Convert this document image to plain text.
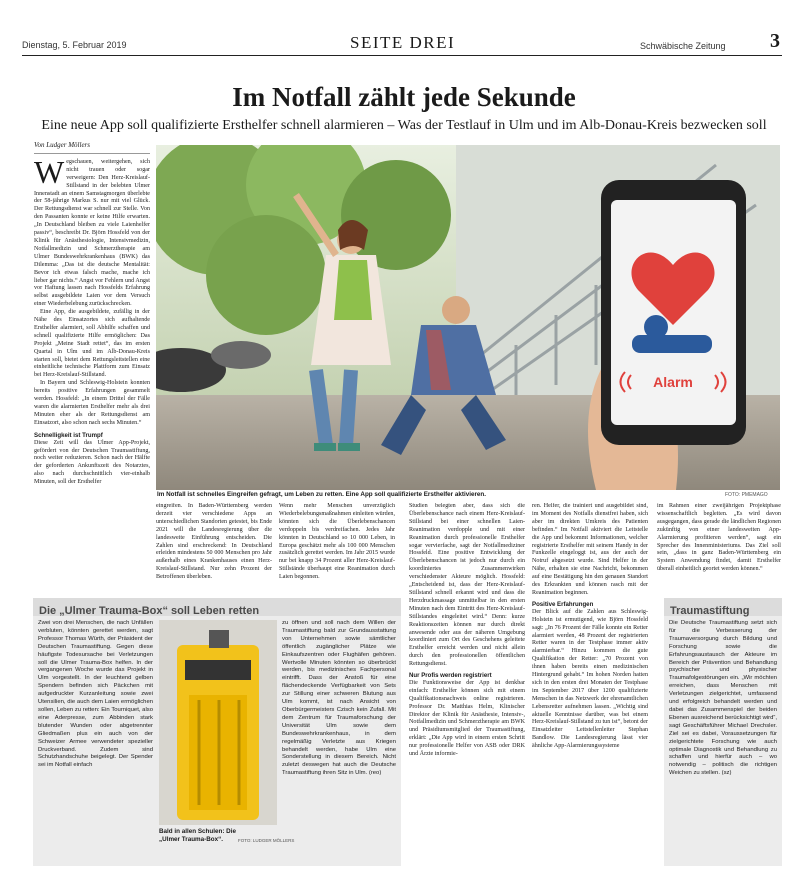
Dienstag, 5. Februar 2019	SEITE DREI	Schwäbische Zeitung 3
Im Notfall zählt jede Sekunde
Eine neue App soll qualifizierte Ersthelfer schnell alarmieren – Was der Testlauf in Ulm und im Alb-Donau-Kreis bezwecken soll

Von Ludger Möllers

Wegschauen, weitergehen, sich nicht trauen oder sogar verweigern: Den Herz-Kreislauf-Stillstand in der belebten Ulmer Innenstadt an einem Samstagmorgen überlebte der 58-jährige Markus S. nur mit viel Glück. Der Rettungsdienst war schnell zur Stelle. Von den Passanten konnte er keine Hilfe erwarten. „In Deutschland bleiben zu viele Laienhelfer passiv“, beschreibt Dr. Björn Hossfeld von der Klinik für Anästhesiologie, Intensivmedizin, Notfallmedizin und Schmerztherapie am Ulmer Bundeswehrkrankenhaus (BWK) das Dilemma: „Das ist die deutsche Mentalität: Bevor ich etwas falsch mache, mache ich lieber gar nichts.“ Angst vor Fehlern und Angst vor Haftung lassen nach Hossfelds Erfahrung selbst ausgebildete Laien vor dem Versuch einer Wiederbelebung zurückschrecken.

Eine App, die ausgebildete, zufällig in der Nähe des Einsatzortes sich aufhaltende Ersthelfer alarmiert, soll Abhilfe schaffen und schnell qualifizierte Hilfe ermöglichen: Das Projekt „Meine Stadt rettet“, das im ersten Quartal in Ulm und im Alb-Donau-Kreis starten soll, bietet dem Rettungsleitstellen eine einheitliche technische Plattform zum Einsatz bei Herz-Kreislauf-Stillstand.

In Bayern und Schleswig-Holstein konnten bereits positive Erfahrungen gesammelt werden. Hossfeld: „In einem Drittel der Fälle waren die alarmierten Ersthelfer mehr als drei Minuten eher als der Rettungsdienst am Einsatzort, also schon nach sechs Minuten.“

Schnelligkeit ist Trumpf

Diese Zeit will das Ulmer App-Projekt, gefördert von der Deutschen Traumastiftung, noch weiter reduzieren. Schon nach der Hälfte der geforderten Ankunftszeit des Notarztes, also nach durchschnittlich vier-einhalb Minuten, soll der Ersthelfer

Alarm
Im Notfall ist schnelles Eingreifen gefragt, um Leben zu retten. Eine App soll qualifizierte Ersthelfer aktivieren.	FOTO: PMEMAGO
eingreifen. In Baden-Württemberg werden derzeit vier verschiedene Apps an unterschiedlichen Standorten getestet, bis Ende 2021 will die Landesregierung über die landesweite Einführung entscheiden. Die Zahlen sind erschreckend: In Deutschland erleiden mindestens 50 000 Menschen pro Jahr außerhalb eines Krankenhauses einen Herz-Kreislauf-Stillstand. Nur zehn Prozent der Betroffenen überleben.
Wenn mehr Menschen unverzüglich Wiederbelebungsmaßnahmen einleiten würden, könnten sich die Überlebenschancen verdoppeln bis verdreifachen. Jedes Jahr könnten in Deutschland so 10 000 Leben, in Europa geschätzt mehr als 100 000 Menschen zusätzlich gerettet werden. Im Jahr 2015 wurde nur bei knapp 34 Prozent aller Herz-Kreislauf-Stillstände überhaupt eine Reanimation durch Laien begonnen.

Studien belegten aber, dass sich die Überlebenschance nach einem Herz-Kreislauf-Stillstand bei einer schnellen Laien-Reanimation verdopple und mit einer Reanimation durch professionelle Ersthelfer sogar vervierfache, sagt der Notfallmediziner Hossfeld. Eine positive Entwicklung der Überlebenschancen ist jedoch nur durch ein koordiniertes Zusammenwirken verschiedenster Akteure möglich. Hossfeld: „Entscheidend ist, dass der Herz-Kreislauf-Stillstand schnell erkannt wird und dass die Herzdruckmassage unmittelbar in den ersten Minuten nach dem Eintritt des Herz-Kreislauf-Stillstandes eingeleitet wird.“ Denn: kurze Reaktionszeiten können nur durch direkt anwesende oder aus der näheren Umgebung koordiniert zum Ort des Geschehens geleitete Ersthelfer erreicht werden und nicht allein durch den professionellen öffentlichen Rettungsdienst.

Nur Profis werden registriert

Die Funktionsweise der App ist denkbar einfach: Ersthelfer können sich mit einem Qualifikationsnachweis online registrieren. Professor Dr. Matthias Helm, Klinischer Direktor der Klinik für Anästhesie, Intensiv-, Notfallmedizin und Schmerztherapie am BWK und Präsidiumsmitglied der Traumastiftung, erklärt: „Die App wird in einem ersten Schritt nur professionelle Helfer von ASB oder DRK und Ärzte informie-

ren. Helfer, die trainiert und ausgebildet sind, im Moment des Notfalls dienstfrei haben, sich aber im direkten Umkreis des Patienten befinden.“ Im Notfall aktiviert die Leitstelle die App und bekommt Informationen, welcher registrierte Ersthelfer mit seinem Handy in der Funkzelle eingeloggt ist, aus der auch der Notruf abgesetzt wurde. Sind Helfer in der Nähe, erhalten sie eine Nachricht, bekommen auf eine Bestätigung hin den genauen Standort des Erkrankten und können rasch mit der Reanimation beginnen.

Positive Erfahrungen

Der Blick auf die Zahlen aus Schleswig-Holstein ist ermutigend, wie Björn Hossfeld sagt: „In 76 Prozent der Fälle konnte ein Retter alarmiert werden, 48 Prozent der registrierten Retter waren in der Testphase immer aktiv alarmierbar.“ Hinzu kommen die gute Qualifikation der Retter: „70 Prozent von ihnen haben bereits einen medizinischen Hintergrund gehabt.“ Im hohen Norden hatten sich in den ersten drei Monaten der Testphase im September 2017 über 1200 qualifizierte Menschen in das Netzwerk der ehrenamtlichen Lebensretter aufnehmen lassen. „Wichtig sind aktuelle Kenntnisse darüber, was bei einem Herz-Kreislauf-Stillstand zu tun ist“, betont der Einsatzleiter Leitstellenleiter Stephan Bandlow. Die Landesregierung lässt vier ähnliche App-Alarmierungssysteme

im Rahmen einer zweijährigen Projektphase wissenschaftlich begleiten. „Es wird davon ausgegangen, dass gerade die ländlichen Regionen zukünftig von einer landesweiten App-Alarmierung profitieren werden“, sagt ein Sprecher des Innenministeriums. Das Ziel soll sein, „dass in ganz Baden-Württemberg ein System Anwendung findet, damit Ersthelfer überall einheitlich geortet werden können.“
Die „Ulmer Trauma-Box“ soll Leben retten
Zwei von drei Menschen, die nach Unfällen verbluten, könnten gerettet werden, sagt Professor Thomas Würth, der Präsident der Deutschen Traumastiftung. Gegen diese häufigste Todesursache bei Verletzungen soll die Ulmer Trauma-Box helfen. In der vergangenen Woche wurde das Projekt in Ulm vorgestellt. In der leuchtend gelben Spendern befinden sich Päckchen mit aufgedruckter Kurzanleitung sowie zwei Utensilien, die auch dem Laien ermöglichen sollen, Leben zu retten: Ein Tourniquet, also eine Aderpresse, zum Abbinden stark blutender Wunden oder abgetrennter Gliedmaßen plus ein auch von der Schweizer Armee verwendeter spezieller Druckverband. Zudem sind Schutzhandschuhe beigelegt. Der Spender sei im Notfall einfach
Bald in allen Schulen: Die „Ulmer Trauma-Box“.	FOTO: LUDGER MÖLLERS
zu öffnen und soll nach dem Willen der Traumastiftung bald zur Grundausstattung von Unternehmen sowie sämtlicher öffentlich zugänglicher Plätze wie Einkaufszentren oder Flughäfen gehören. Wertvolle Minuten könnten so überbrückt werden, bis medizinisches Fachpersonal eintrifft. Dass der Anstoß für eine flächendeckende Verfügbarkeit von Sets zur Stillung einer schweren Blutung aus Ulm kommt, ist nach Ansicht von Oberbürgermeisters Czisch kein Zufall. Mit dem Zentrum für Traumaforschung der Universität Ulm sowie dem Bundeswehrkrankenhaus, in dem regelmäßig Verletzte aus Kriegen behandelt werden, habe Ulm eine Sonderstellung in diesem Bereich. Nicht zuletzt deswegen hat auch die Deutsche Traumastiftung ihren Sitz in Ulm. (reo)
Traumastiftung
Die Deutsche Traumastiftung setzt sich für die Verbesserung der Traumaversorgung durch Bildung und Forschung sowie die Erfahrungsaustausch der Akteure im Bereich der Prävention und Behandlung psychischer und physischer Traumafolgestörungen ein. „Wir möchten erreichen, dass Menschen mit Verletzungen zielgerichtet, umfassend und erfolgreich behandelt werden und dabei das Zusammenspiel der beiden Ebenen ausreichend berücksichtigt wird“, sagt Geschäftsführer Michael Drechsler. Ziel sei es dabei, Voraussetzungen für zielgerichtete Forschung wie auch optimale Diagnostik und Behandlung zu schaffen und hierfür auch – wo notwendig – politisch die richtigen Weichen zu stellen. (sz)
